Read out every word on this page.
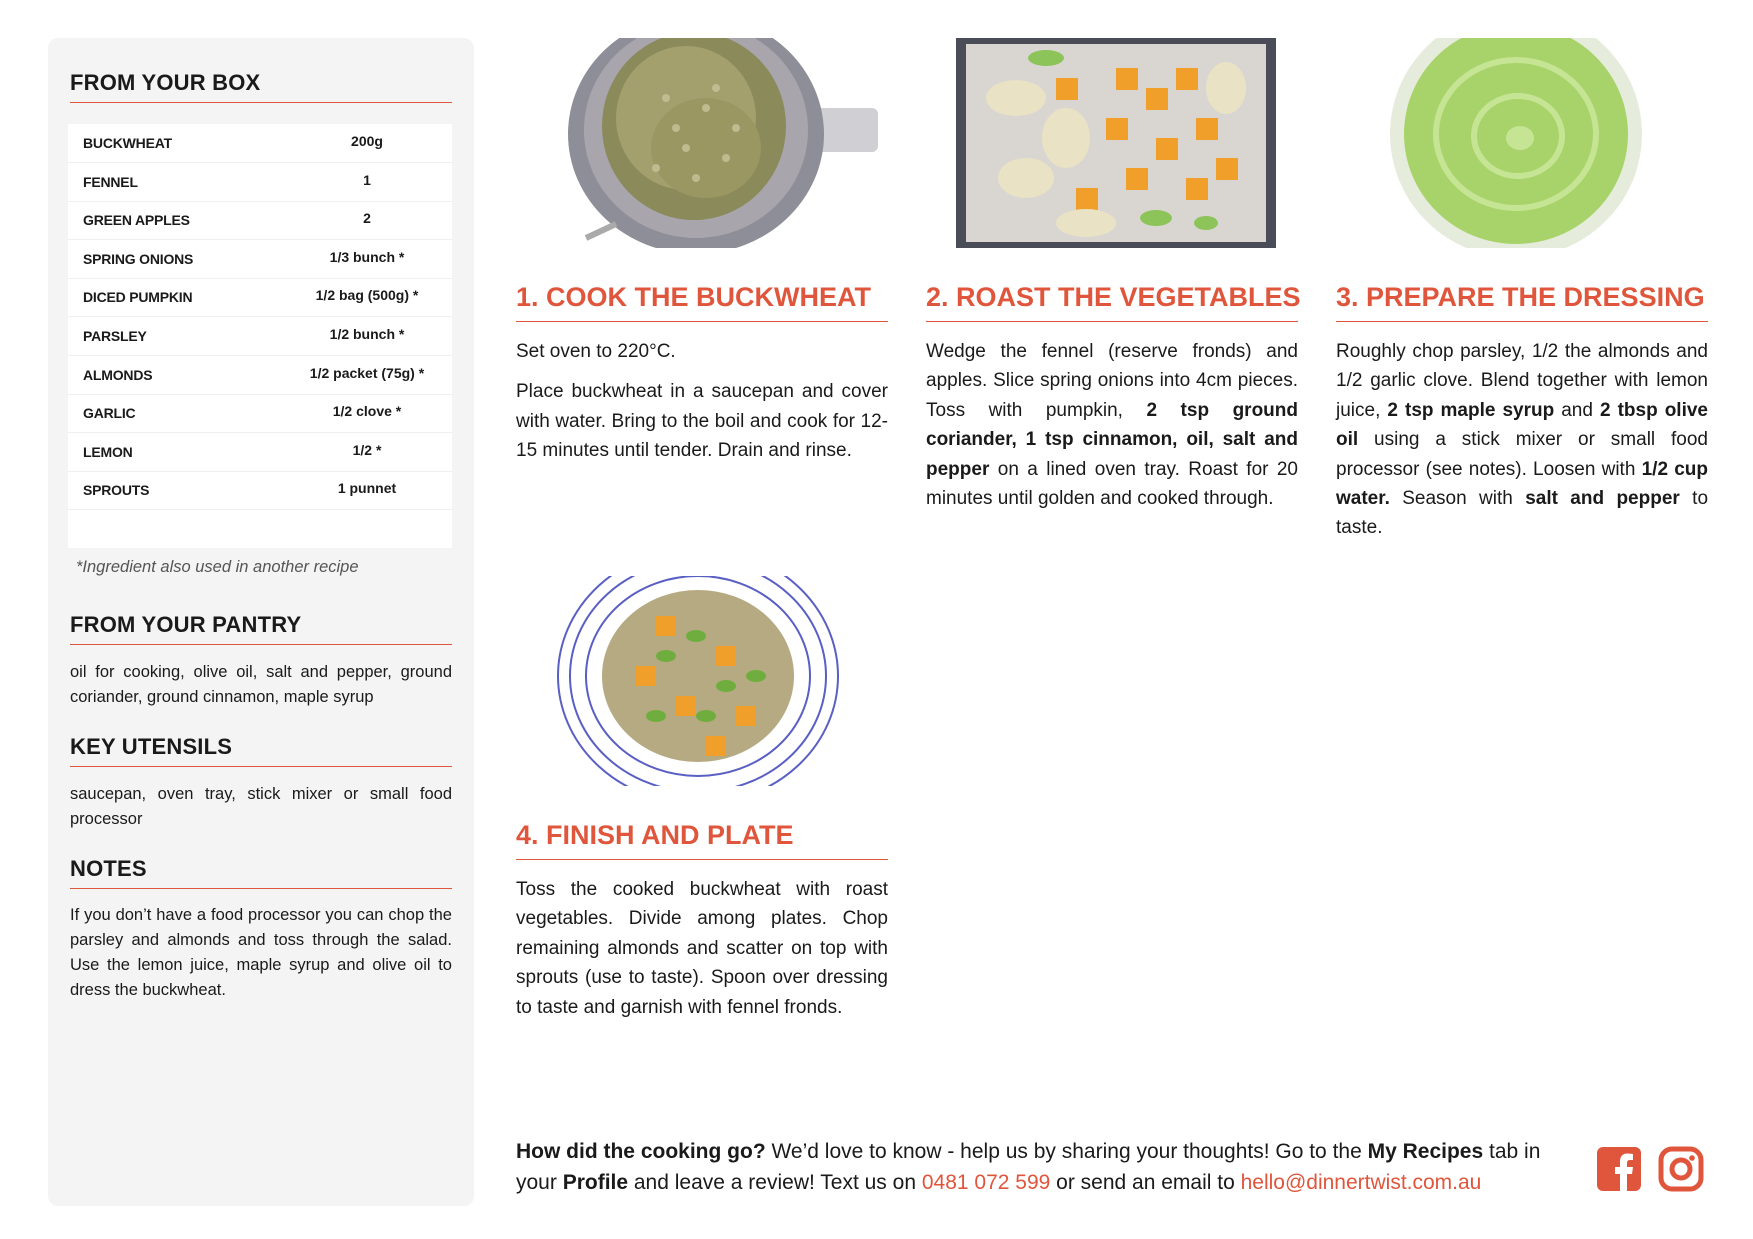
FROM YOUR BOX
BUCKWHEAT	200g
FENNEL	1
GREEN APPLES	2
SPRING ONIONS	1/3 bunch *
DICED PUMPKIN	1/2 bag (500g) *
PARSLEY	1/2 bunch *
ALMONDS	1/2 packet (75g) *
GARLIC	1/2 clove *
LEMON	1/2 *
SPROUTS	1 punnet
*Ingredient also used in another recipe
FROM YOUR PANTRY
oil for cooking, olive oil, salt and pepper, ground coriander, ground cinnamon, maple syrup
KEY UTENSILS
saucepan, oven tray, stick mixer or small food processor
NOTES
If you don’t have a food processor you can chop the parsley and almonds and toss through the salad. Use the lemon juice, maple syrup and olive oil to dress the buckwheat.
1. COOK THE BUCKWHEAT

Set oven to 220°C.

Place buckwheat in a saucepan and cover with water. Bring to the boil and cook for 12-15 minutes until tender. Drain and rinse.

2. ROAST THE VEGETABLES

Wedge the fennel (reserve fronds) and apples. Slice spring onions into 4cm pieces. Toss with pumpkin, 2 tsp ground coriander, 1 tsp cinnamon, oil, salt and pepper on a lined oven tray. Roast for 20 minutes until golden and cooked through.

3. PREPARE THE DRESSING

Roughly chop parsley, 1/2 the almonds and 1/2 garlic clove. Blend together with lemon juice, 2 tsp maple syrup and 2 tbsp olive oil using a stick mixer or small food processor (see notes). Loosen with 1/2 cup water. Season with salt and pepper to taste.

4. FINISH AND PLATE

Toss the cooked buckwheat with roast vegetables. Divide among plates. Chop remaining almonds and scatter on top with sprouts (use to taste). Spoon over dressing to taste and garnish with fennel fronds.

How did the cooking go? We’d love to know - help us by sharing your thoughts! Go to the My Recipes tab in your Profile and leave a review! Text us on 0481 072 599 or send an email to hello@dinnertwist.com.au
